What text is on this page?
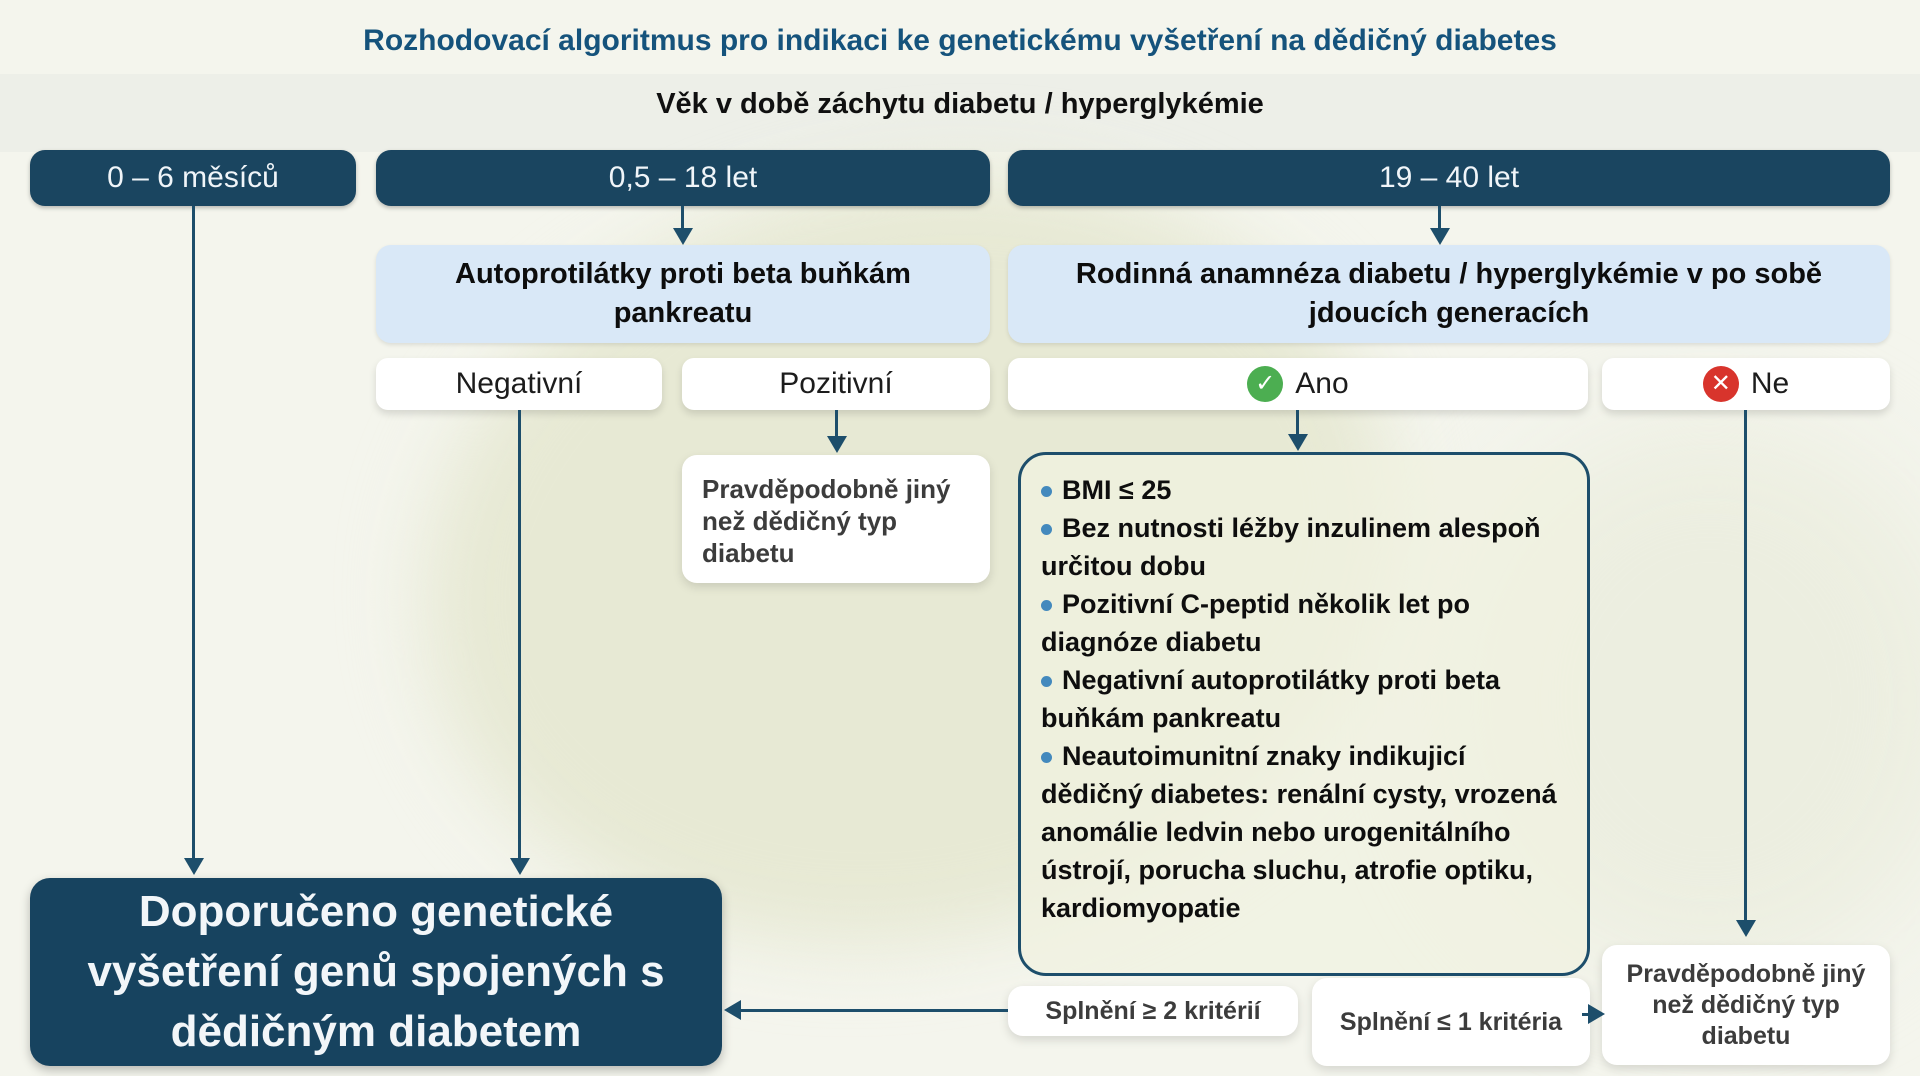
Rozhodovací algoritmus pro indikaci ke genetickému vyšetření na dědičný diabetes
Věk v době záchytu diabetu / hyperglykémie
0 – 6 měsíců	0,5 – 18 let	19 – 40 let
Autoprotilátky proti beta buňkám pankreatu
Rodinná anamnéza diabetu / hyperglykémie v po sobě jdoucích generacích
Negativní	Pozitivní	✓ Ano	✕ Ne
Pravděpodobně jiný než dědičný typ diabetu
BMI ≤ 25
Bez nutnosti léžby inzulinem alespoň určitou dobu
Pozitivní C-peptid několik let po diagnóze diabetu
Negativní autoprotilátky proti beta buňkám pankreatu
Neautoimunitní znaky indikujicí dědičný diabetes: renální cysty, vrozená anomálie ledvin nebo urogenitálního ústrojí, porucha sluchu, atrofie optiku, kardiomyopatie
Doporučeno genetické vyšetření genů spojených s dědičným diabetem	Splnění ≥ 2 kritérií	Splnění ≤ 1 kritéria
Pravděpodobně jiný než dědičný typ diabetu
